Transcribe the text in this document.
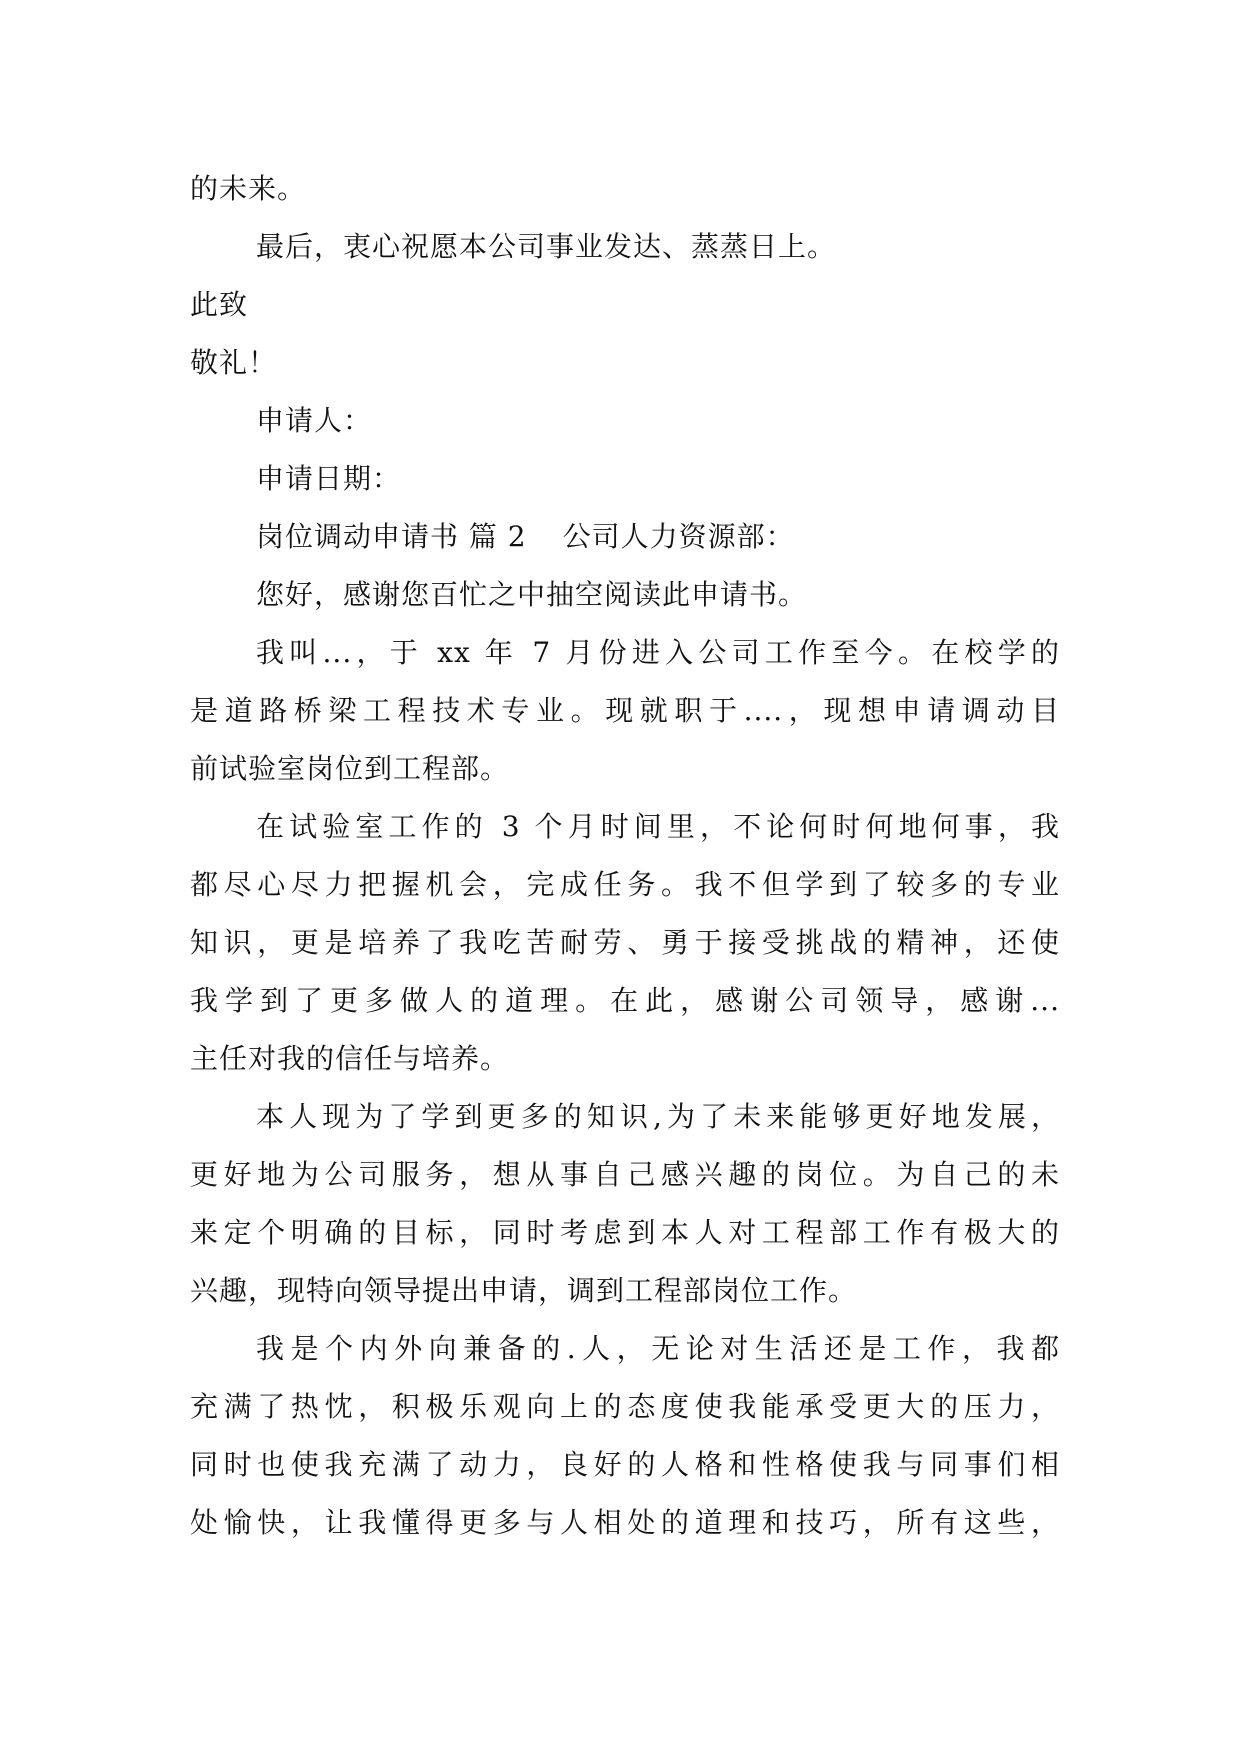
的未来。
最后，衷心祝愿本公司事业发达、蒸蒸日上。
此致
敬礼！
申请人：
申请日期：
岗位调动申请书 篇 2 公司人力资源部：
您好，感谢您百忙之中抽空阅读此申请书。
我叫...，于 xx 年 7 月份进入公司工作至今。在校学的
是道路桥梁工程技术专业。现就职于....，现想申请调动目
前试验室岗位到工程部。
在试验室工作的 3 个月时间里，不论何时何地何事，我
都尽心尽力把握机会，完成任务。我不但学到了较多的专业
知识，更是培养了我吃苦耐劳、勇于接受挑战的精神，还使
我学到了更多做人的道理。在此，感谢公司领导，感谢...
主任对我的信任与培养。
本人现为了学到更多的知识,为了未来能够更好地发展，
更好地为公司服务，想从事自己感兴趣的岗位。为自己的未
来定个明确的目标，同时考虑到本人对工程部工作有极大的
兴趣，现特向领导提出申请，调到工程部岗位工作。
我是个内外向兼备的.人，无论对生活还是工作，我都
充满了热忱，积极乐观向上的态度使我能承受更大的压力，
同时也使我充满了动力，良好的人格和性格使我与同事们相
处愉快，让我懂得更多与人相处的道理和技巧，所有这些，
